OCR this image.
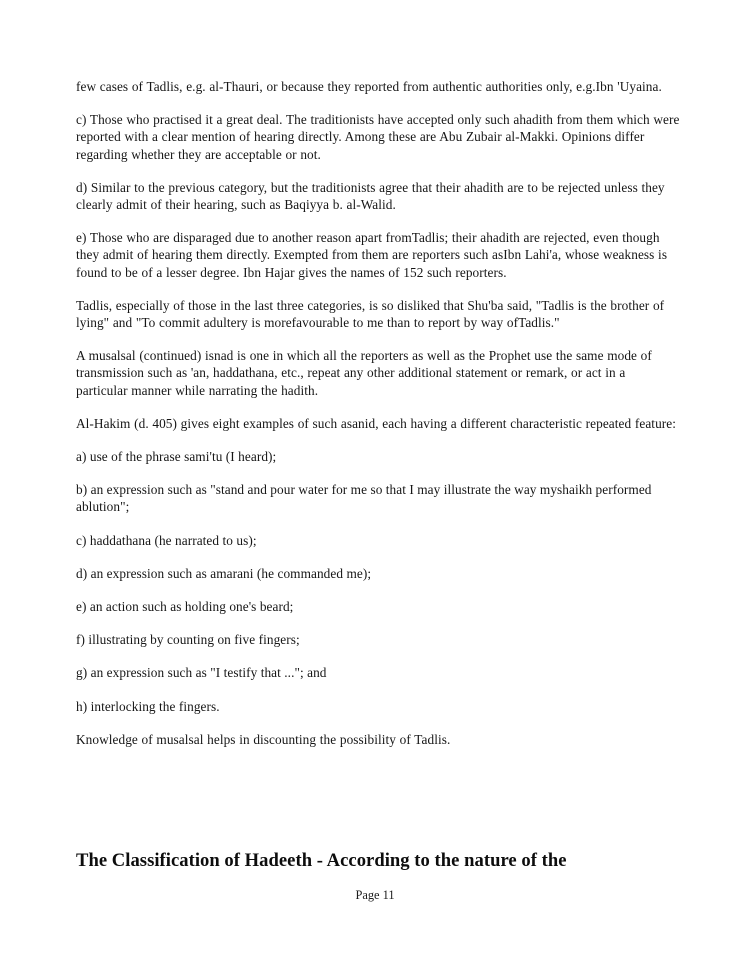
few cases of Tadlis, e.g. al-Thauri, or because they reported from authentic authorities only, e.g.Ibn 'Uyaina.

c) Those who practised it a great deal. The traditionists have accepted only such ahadith from them which were reported with a clear mention of hearing directly. Among these are Abu Zubair al-Makki. Opinions differ regarding whether they are acceptable or not.

d) Similar to the previous category, but the traditionists agree that their ahadith are to be rejected unless they clearly admit of their hearing, such as Baqiyya b. al-Walid.

e) Those who are disparaged due to another reason apart fromTadlis; their ahadith are rejected, even though they admit of hearing them directly. Exempted from them are reporters such asIbn Lahi'a, whose weakness is found to be of a lesser degree. Ibn Hajar gives the names of 152 such reporters.

Tadlis, especially of those in the last three categories, is so disliked that Shu'ba said, "Tadlis is the brother of lying" and "To commit adultery is morefavourable to me than to report by way ofTadlis."

A musalsal (continued) isnad is one in which all the reporters as well as the Prophet use the same mode of transmission such as 'an, haddathana, etc., repeat any other additional statement or remark, or act in a particular manner while narrating the hadith.

Al-Hakim (d. 405) gives eight examples of such asanid, each having a different characteristic repeated feature:

a) use of the phrase sami'tu (I heard);

b) an expression such as "stand and pour water for me so that I may illustrate the way myshaikh performed ablution";

c) haddathana (he narrated to us);

d) an expression such as amarani (he commanded me);

e) an action such as holding one's beard;

f) illustrating by counting on five fingers;

g) an expression such as "I testify that ..."; and

h) interlocking the fingers.

Knowledge of musalsal helps in discounting the possibility of Tadlis.

The Classification of Hadeeth - According to the nature of the
Page 11
